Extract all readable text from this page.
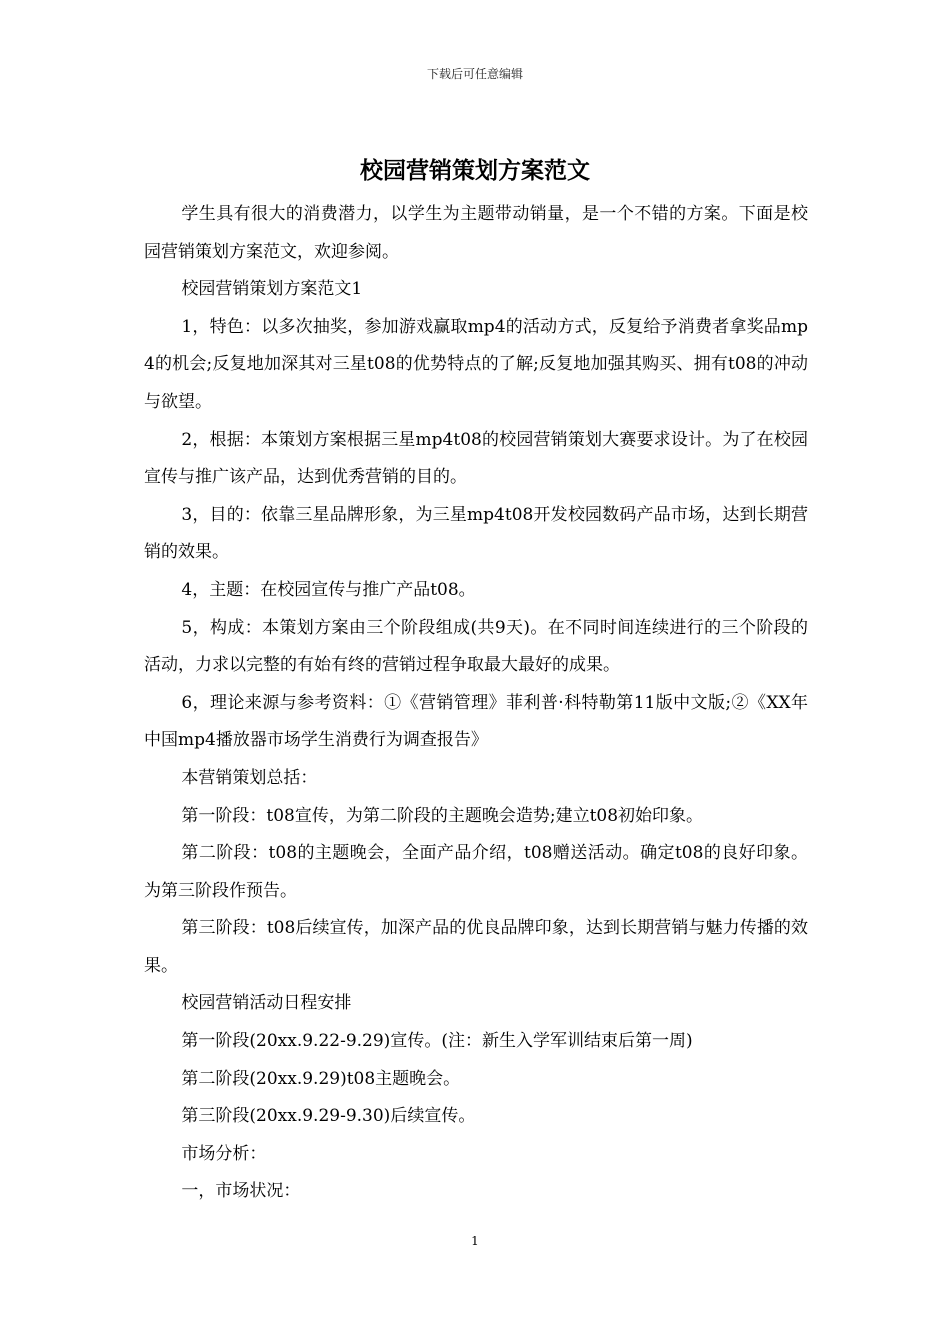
下载后可任意编辑
校园营销策划方案范文

学生具有很大的消费潜力，以学生为主题带动销量，是一个不错的方案。下面是校园营销策划方案范文，欢迎参阅。

校园营销策划方案范文1

1，特色：以多次抽奖，参加游戏赢取mp4的活动方式，反复给予消费者拿奖品mp4的机会;反复地加深其对三星t08的优势特点的了解;反复地加强其购买、拥有t08的冲动与欲望。

2，根据：本策划方案根据三星mp4t08的校园营销策划大赛要求设计。为了在校园宣传与推广该产品，达到优秀营销的目的。

3，目的：依靠三星品牌形象，为三星mp4t08开发校园数码产品市场，达到长期营销的效果。

4，主题：在校园宣传与推广产品t08。

5，构成：本策划方案由三个阶段组成(共9天)。在不同时间连续进行的三个阶段的活动，力求以完整的有始有终的营销过程争取最大最好的成果。

6，理论来源与参考资料：①《营销管理》菲利普·科特勒第11版中文版;②《XX年中国mp4播放器市场学生消费行为调查报告》

本营销策划总括：

第一阶段：t08宣传，为第二阶段的主题晚会造势;建立t08初始印象。

第二阶段：t08的主题晚会，全面产品介绍，t08赠送活动。确定t08的良好印象。为第三阶段作预告。

第三阶段：t08后续宣传，加深产品的优良品牌印象，达到长期营销与魅力传播的效果。

校园营销活动日程安排

第一阶段(20xx.9.22-9.29)宣传。(注：新生入学军训结束后第一周)

第二阶段(20xx.9.29)t08主题晚会。

第三阶段(20xx.9.29-9.30)后续宣传。

市场分析：

一，市场状况：

1
